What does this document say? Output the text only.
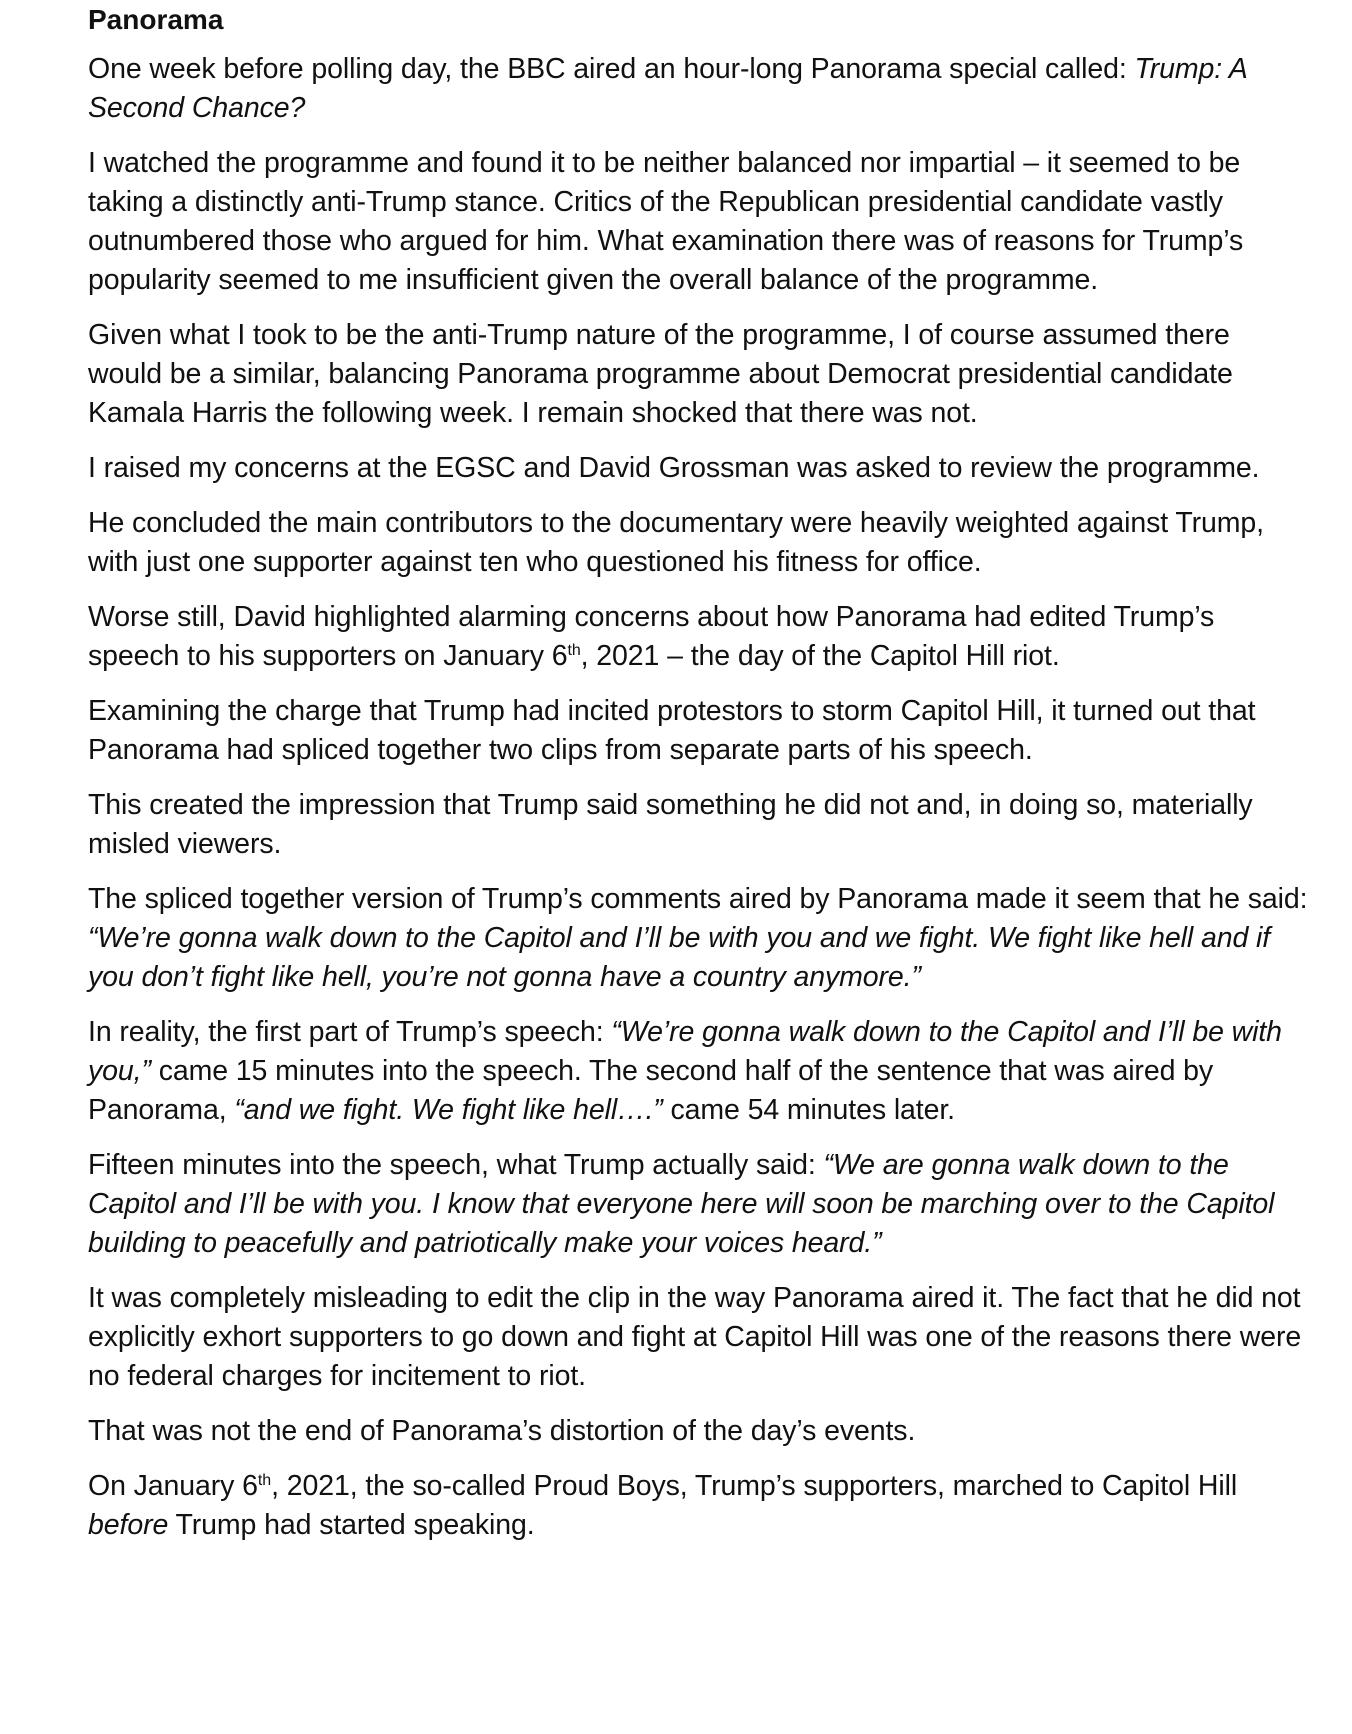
Panorama

One week before polling day, the BBC aired an hour-long Panorama special called: Trump: A Second Chance?

I watched the programme and found it to be neither balanced nor impartial – it seemed to be taking a distinctly anti-Trump stance. Critics of the Republican presidential candidate vastly outnumbered those who argued for him. What examination there was of reasons for Trump’s popularity seemed to me insufficient given the overall balance of the programme.

Given what I took to be the anti-Trump nature of the programme, I of course assumed there would be a similar, balancing Panorama programme about Democrat presidential candidate Kamala Harris the following week. I remain shocked that there was not.

I raised my concerns at the EGSC and David Grossman was asked to review the programme.

He concluded the main contributors to the documentary were heavily weighted against Trump, with just one supporter against ten who questioned his fitness for office.

Worse still, David highlighted alarming concerns about how Panorama had edited Trump’s speech to his supporters on January 6th, 2021 – the day of the Capitol Hill riot.

Examining the charge that Trump had incited protestors to storm Capitol Hill, it turned out that Panorama had spliced together two clips from separate parts of his speech.

This created the impression that Trump said something he did not and, in doing so, materially misled viewers.

The spliced together version of Trump’s comments aired by Panorama made it seem that he said: “We’re gonna walk down to the Capitol and I’ll be with you and we fight. We fight like hell and if you don’t fight like hell, you’re not gonna have a country anymore.”

In reality, the first part of Trump’s speech: “We’re gonna walk down to the Capitol and I’ll be with you,” came 15 minutes into the speech. The second half of the sentence that was aired by Panorama, “and we fight. We fight like hell….” came 54 minutes later.

Fifteen minutes into the speech, what Trump actually said: “We are gonna walk down to the Capitol and I’ll be with you. I know that everyone here will soon be marching over to the Capitol building to peacefully and patriotically make your voices heard.”

It was completely misleading to edit the clip in the way Panorama aired it. The fact that he did not explicitly exhort supporters to go down and fight at Capitol Hill was one of the reasons there were no federal charges for incitement to riot.

That was not the end of Panorama’s distortion of the day’s events.

On January 6th, 2021, the so-called Proud Boys, Trump’s supporters, marched to Capitol Hill before Trump had started speaking.
